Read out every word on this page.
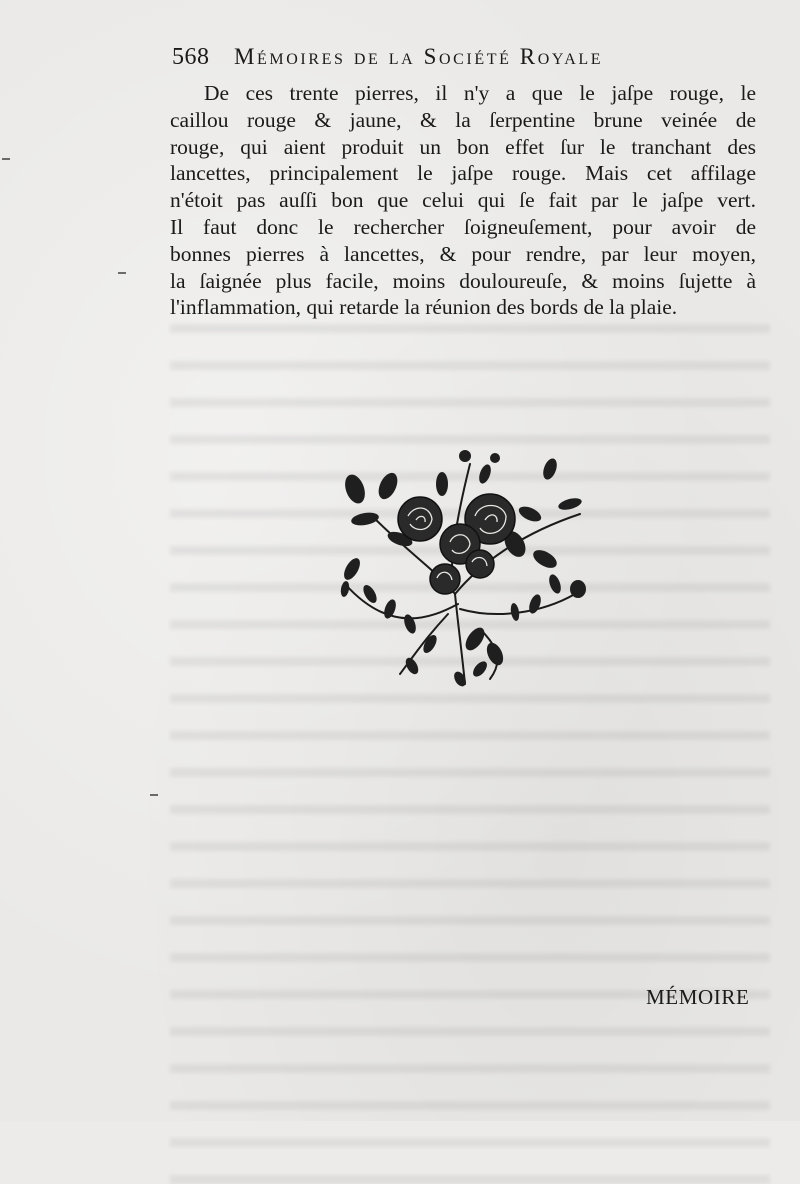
568 Mémoires de la Société Royale
De ces trente pierres, il n'y a que le jaſpe rouge, le
caillou rouge & jaune, & la ſerpentine brune veinée de
rouge, qui aient produit un bon effet ſur le tranchant des
lancettes, principalement le jaſpe rouge. Mais cet affilage
n'étoit pas auſſi bon que celui qui ſe fait par le jaſpe vert.
Il faut donc le rechercher ſoigneuſement, pour avoir de
bonnes pierres à lancettes, & pour rendre, par leur moyen,
la ſaignée plus facile, moins douloureuſe, & moins ſujette à
l'inflammation, qui retarde la réunion des bords de la plaie.
MÉMOIRE
